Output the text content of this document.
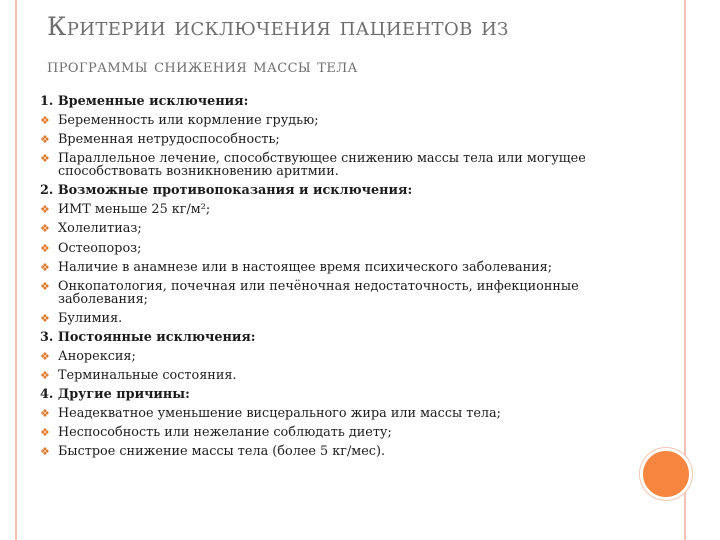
Критерии исключения пациентов из
программы снижения массы тела
1. Временные исключения:
❖ Беременность или кормление грудью;
❖ Временная нетрудоспособность;
❖ Параллельное лечение, способствующее снижению массы тела или могущее способствовать возникновению аритмии.
2. Возможные противопоказания и исключения:
❖ ИМТ меньше 25 кг/м²;
❖ Холелитиаз;
❖ Остеопороз;
❖ Наличие в анамнезе или в настоящее время психического заболевания;
❖ Онкопатология, почечная или печёночная недостаточность, инфекционные заболевания;
❖ Булимия.
3. Постоянные исключения:
❖ Анорексия;
❖ Терминальные состояния.
4. Другие причины:
❖ Неадекватное уменьшение висцерального жира или массы тела;
❖ Неспособность или нежелание соблюдать диету;
❖ Быстрое снижение массы тела (более 5 кг/мес).
